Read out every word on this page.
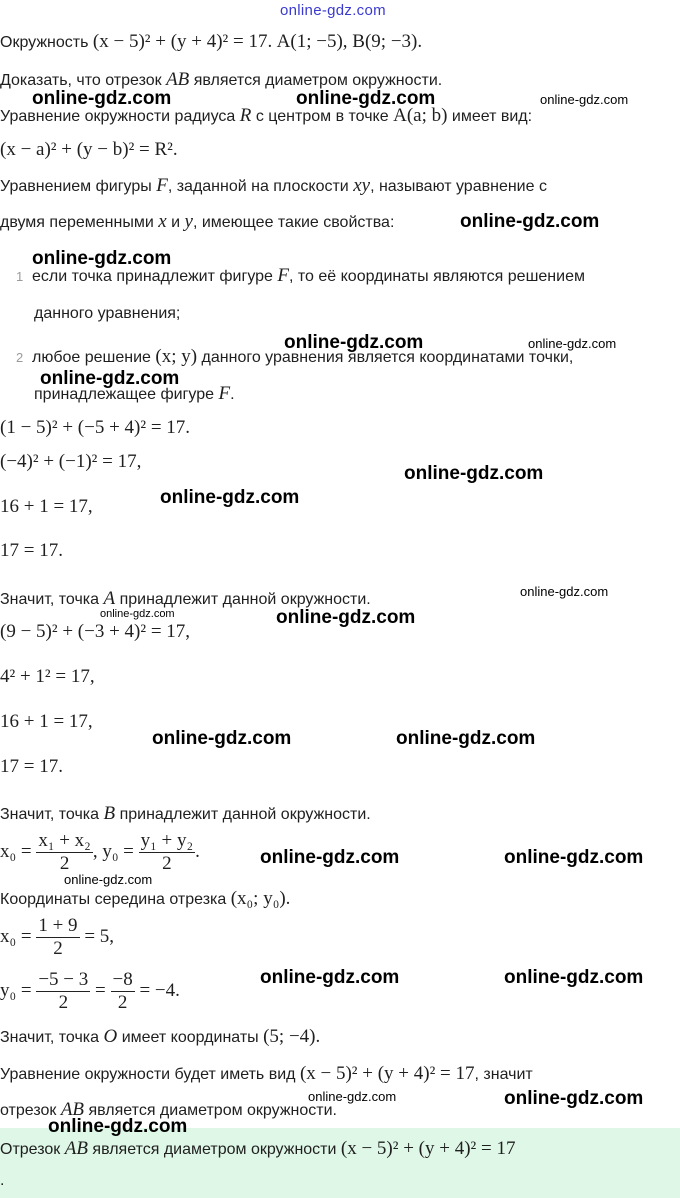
online-gdz.com
Окружность (x − 5)² + (y + 4)² = 17. A(1; −5), B(9; −3).
Доказать, что отрезок AB является диаметром окружности.
Уравнение окружности радиуса R с центром в точке A(a; b) имеет вид:
(x − a)² + (y − b)² = R².
Уравнением фигуры F, заданной на плоскости xy, называют уравнение с
двумя переменными x и y, имеющее такие свойства:
1 если точка принадлежит фигуре F, то её координаты являются решением
данного уравнения;
2 любое решение (x; y) данного уравнения является координатами точки,
принадлежащее фигуре F.
(1 − 5)² + (−5 + 4)² = 17.
(−4)² + (−1)² = 17,
16 + 1 = 17,
17 = 17.
Значит, точка A принадлежит данной окружности.
(9 − 5)² + (−3 + 4)² = 17,
4² + 1² = 17,
16 + 1 = 17,
17 = 17.
Значит, точка B принадлежит данной окружности.
$x_0 = \frac{\text{x₁ + x₂}}{2}$ , $y_0 = \frac{\text{y₁ + y₂}}{2}$ .
Координаты середина отрезка (x₀; y₀).
$x_0 = \frac{1 + 9}{2} = 5$,
$y_0 = \frac{-5 - 3}{2} = \frac{-8}{2} = -4$.
Значит, точка O имеет координаты (5; −4).
Уравнение окружности будет иметь вид (x − 5)² + (y + 4)² = 17, значит
отрезок AB является диаметром окружности.
Отрезок AB является диаметром окружности (x − 5)² + (y + 4)² = 17
.
online-gdz.com	online-gdz.com	online-gdz.com
online-gdz.com
online-gdz.com
online-gdz.com	online-gdz.com
online-gdz.com
online-gdz.com
online-gdz.com
online-gdz.com
online-gdz.com	online-gdz.com
online-gdz.com	online-gdz.com
online-gdz.com	online-gdz.com
online-gdz.com
online-gdz.com	online-gdz.com
online-gdz.com	online-gdz.com
online-gdz.com
